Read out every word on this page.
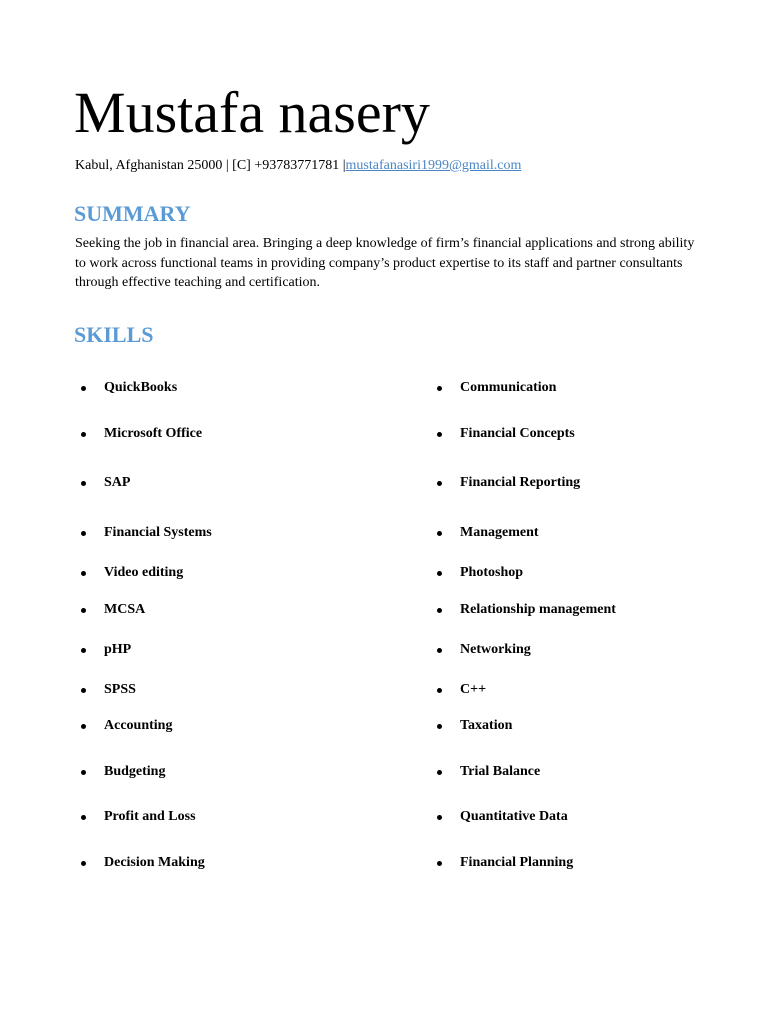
Mustafa nasery
Kabul, Afghanistan 25000 | [C] +93783771781 |mustafanasiri1999@gmail.com
SUMMARY
Seeking the job in financial area. Bringing a deep knowledge of firm’s financial applications and strong ability to work across functional teams in providing company’s product expertise to its staff and partner consultants through effective teaching and certification.
SKILLS
QuickBooks
Microsoft Office
SAP
Financial Systems
Video editing
MCSA
pHP
SPSS
Accounting
Budgeting
Profit and Loss
Decision Making
Communication
Financial Concepts
Financial Reporting
Management
Photoshop
Relationship management
Networking
C++
Taxation
Trial Balance
Quantitative Data
Financial Planning
